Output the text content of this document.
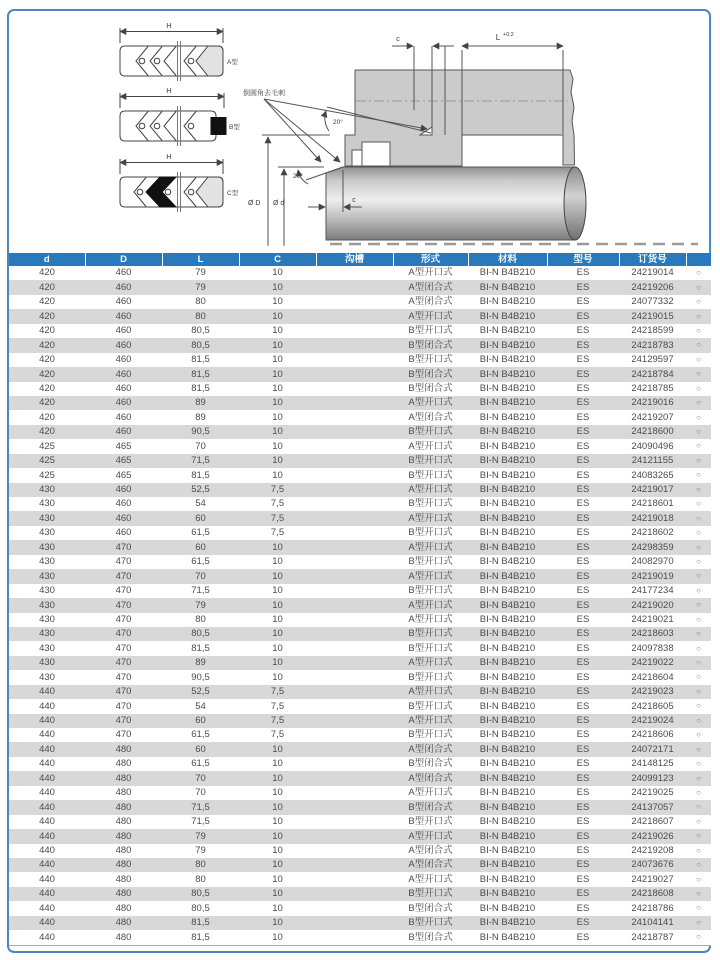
H
A型
H
B型
H
C型
c	L +0.2
倒圆角去毛刺
20°
20°
Ø D Ø d	c
d	D	L	C	沟槽	形式	材料	型号	订货号	
420	460	79	10		A型开口式	BI-N B4B210	ES	24219014	○
420	460	79	10		A型闭合式	BI-N B4B210	ES	24219206	○
420	460	80	10		A型闭合式	BI-N B4B210	ES	24077332	○
420	460	80	10		A型开口式	BI-N B4B210	ES	24219015	○
420	460	80,5	10		B型开口式	BI-N B4B210	ES	24218599	○
420	460	80,5	10		B型闭合式	BI-N B4B210	ES	24218783	○
420	460	81,5	10		B型开口式	BI-N B4B210	ES	24129597	○
420	460	81,5	10		B型闭合式	BI-N B4B210	ES	24218784	○
420	460	81,5	10		B型闭合式	BI-N B4B210	ES	24218785	○
420	460	89	10		A型开口式	BI-N B4B210	ES	24219016	○
420	460	89	10		A型闭合式	BI-N B4B210	ES	24219207	○
420	460	90,5	10		B型开口式	BI-N B4B210	ES	24218600	○
425	465	70	10		A型开口式	BI-N B4B210	ES	24090496	○
425	465	71,5	10		B型开口式	BI-N B4B210	ES	24121155	○
425	465	81,5	10		B型开口式	BI-N B4B210	ES	24083265	○
430	460	52,5	7,5		A型开口式	BI-N B4B210	ES	24219017	○
430	460	54	7,5		B型开口式	BI-N B4B210	ES	24218601	○
430	460	60	7,5		A型开口式	BI-N B4B210	ES	24219018	○
430	460	61,5	7,5		B型开口式	BI-N B4B210	ES	24218602	○
430	470	60	10		A型开口式	BI-N B4B210	ES	24298359	○
430	470	61,5	10		B型开口式	BI-N B4B210	ES	24082970	○
430	470	70	10		A型开口式	BI-N B4B210	ES	24219019	○
430	470	71,5	10		B型开口式	BI-N B4B210	ES	24177234	○
430	470	79	10		A型开口式	BI-N B4B210	ES	24219020	○
430	470	80	10		A型开口式	BI-N B4B210	ES	24219021	○
430	470	80,5	10		B型开口式	BI-N B4B210	ES	24218603	○
430	470	81,5	10		B型开口式	BI-N B4B210	ES	24097838	○
430	470	89	10		A型开口式	BI-N B4B210	ES	24219022	○
430	470	90,5	10		B型开口式	BI-N B4B210	ES	24218604	○
440	470	52,5	7,5		A型开口式	BI-N B4B210	ES	24219023	○
440	470	54	7,5		B型开口式	BI-N B4B210	ES	24218605	○
440	470	60	7,5		A型开口式	BI-N B4B210	ES	24219024	○
440	470	61,5	7,5		B型开口式	BI-N B4B210	ES	24218606	○
440	480	60	10		A型闭合式	BI-N B4B210	ES	24072171	○
440	480	61,5	10		B型闭合式	BI-N B4B210	ES	24148125	○
440	480	70	10		A型闭合式	BI-N B4B210	ES	24099123	○
440	480	70	10		A型开口式	BI-N B4B210	ES	24219025	○
440	480	71,5	10		B型闭合式	BI-N B4B210	ES	24137057	○
440	480	71,5	10		B型开口式	BI-N B4B210	ES	24218607	○
440	480	79	10		A型开口式	BI-N B4B210	ES	24219026	○
440	480	79	10		A型闭合式	BI-N B4B210	ES	24219208	○
440	480	80	10		A型闭合式	BI-N B4B210	ES	24073676	○
440	480	80	10		A型开口式	BI-N B4B210	ES	24219027	○
440	480	80,5	10		B型开口式	BI-N B4B210	ES	24218608	○
440	480	80,5	10		B型闭合式	BI-N B4B210	ES	24218786	○
440	480	81,5	10		B型开口式	BI-N B4B210	ES	24104141	○
440	480	81,5	10		B型闭合式	BI-N B4B210	ES	24218787	○
